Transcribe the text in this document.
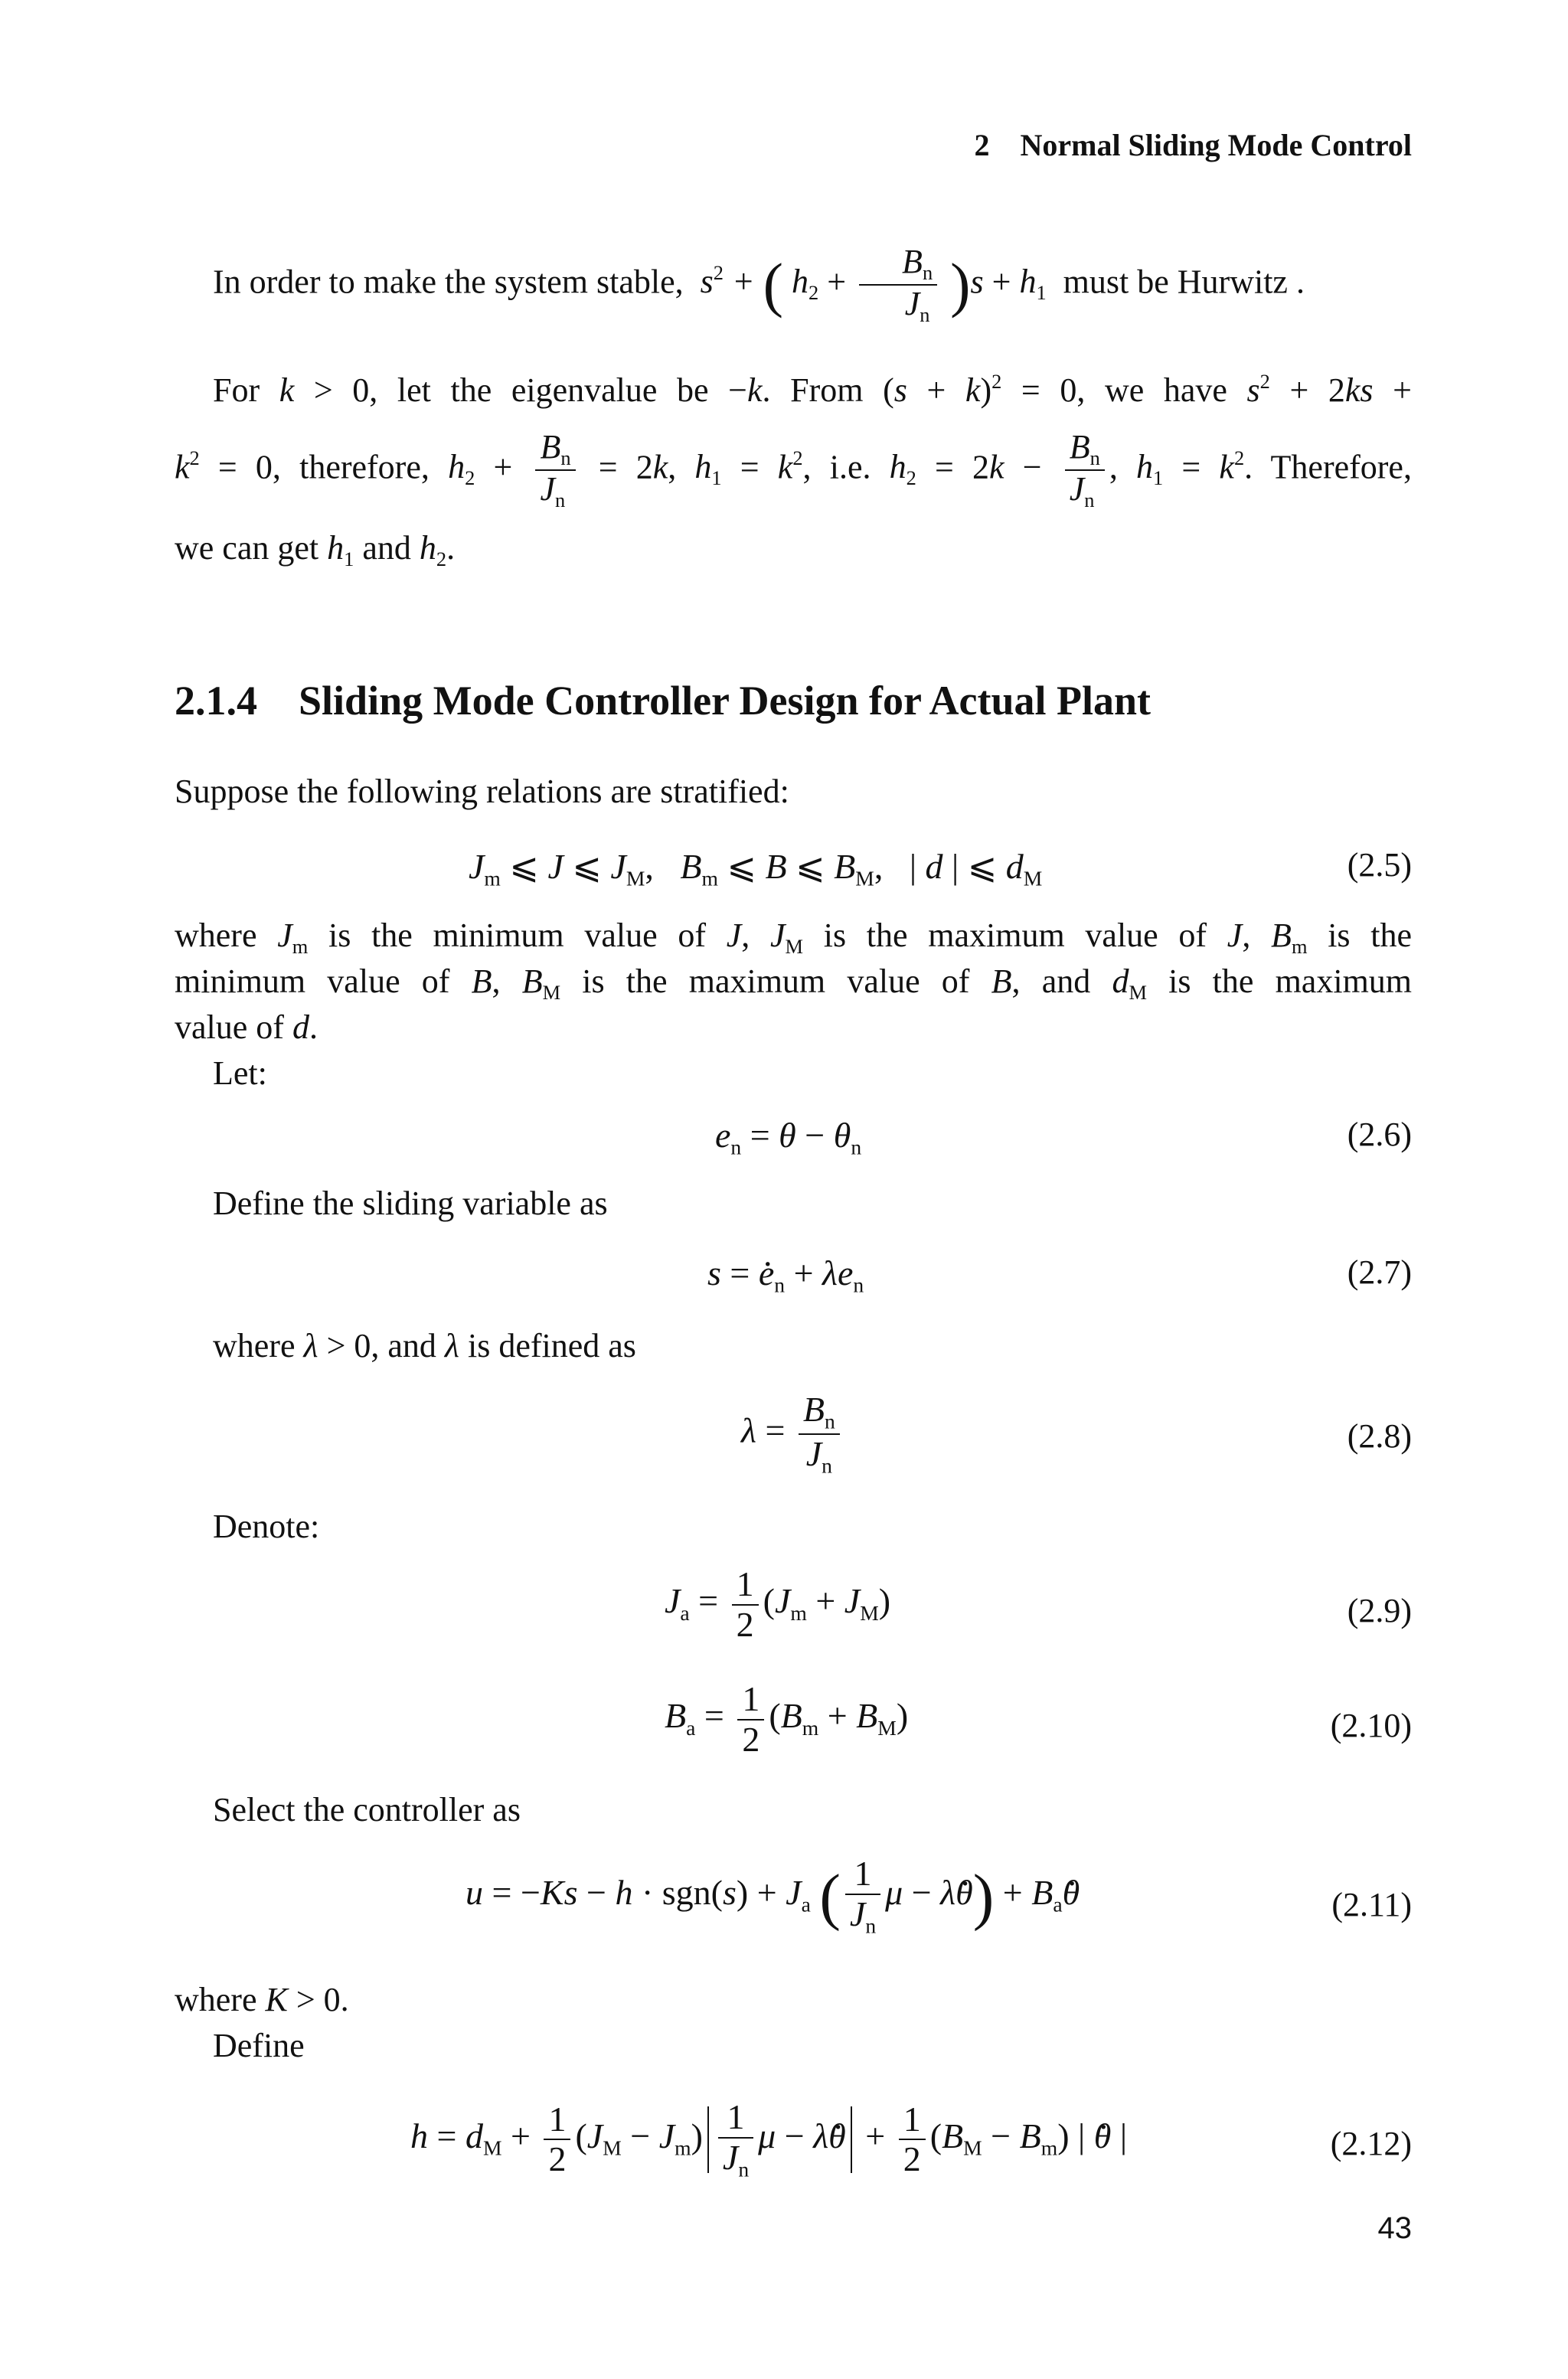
2 Normal Sliding Mode Control
In order to make the system stable,  $s^2$ + ( $h_2 + \frac{B_n}{J_n} )s + h_1$ must be Hurwitz .
For k > 0, let the eigenvalue be −k. From $(s + k)^2 = 0$, we have $s^2 + 2ks$ +
$k^2 = 0$, therefore, $h_2 + \frac{B_n}{J_n} = 2k$, $h_1 = k^2$, i.e. $h_2 = 2k - \frac{B_n}{J_n}$ , $h_1 = k^2$. Therefore,
we can get $h_1$ and $h_2$.
2.1.4 Sliding Mode Controller Design for Actual Plant
Suppose the following relations are stratified:
$J_m$ ⩽ J ⩽ $J_M$,   $B_m$ ⩽ B ⩽ $B_M$,   | d | ⩽ $d_M$	(2.5)
where $J_m$ is the minimum value of J, $J_M$ is the maximum value of J, $B_m$ is the
minimum value of B, $B_M$ is the maximum value of B, and $d_M$ is the maximum
value of d.
Let:
$e_n = \theta - \theta_n$	(2.6)
Define the sliding variable as
s = e $._n + \lambda e_n$	(2.7)
where λ > 0, and λ is defined as
$\lambda = \frac{B_n}{J_n}$	(2.8)
Denote:
$J_a = \frac{1}{2} (J_m + J_M)$	(2.9)
$B_a = \frac{1}{2} (B_m + B_M)$	(2.10)
Select the controller as
$u = -Ks - h \cdot sgn(s) + J_a$ ( $\frac{1}{J_n}$ μ − λθ .) + $B_a\theta$ .	(2.11)
where K > 0.
Define
$h = d_M + \frac{1}{2} (J_M - J_m) \frac{1}{J_n}$ μ − λθ . + $\frac{1}{2} (B_M - B_m)$ | θ . |	(2.12)
43
